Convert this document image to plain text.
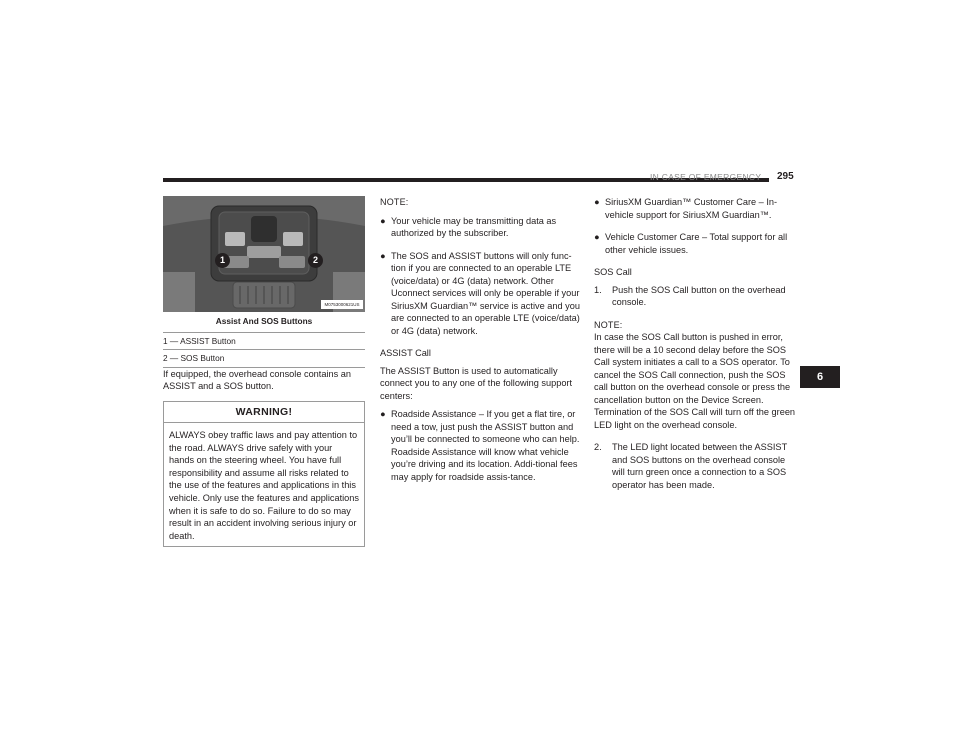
IN CASE OF EMERGENCY 295
6
1	2
M0753000621US
Assist And SOS Buttons
1 — ASSIST Button
2 — SOS Button

If equipped, the overhead console contains an ASSIST and a SOS button.

WARNING!
ALWAYS obey traffic laws and pay attention to the road. ALWAYS drive safely with your hands on the steering wheel. You have full responsibility and assume all risks related to the use of the features and applications in this vehicle. Only use the features and applications when it is safe to do so. Failure to do so may result in an accident involving serious injury or death.
NOTE:
● Your vehicle may be transmitting data as authorized by the subscriber.
● The SOS and ASSIST buttons will only func-tion if you are connected to an operable LTE (voice/data) or 4G (data) network. Other Uconnect services will only be operable if your SiriusXM Guardian™ service is active and you are connected to an operable LTE (voice/data) or 4G (data) network.
ASSIST Call

The ASSIST Button is used to automatically connect you to any one of the following support centers:

● Roadside Assistance – If you get a flat tire, or need a tow, just push the ASSIST button and you’ll be connected to someone who can help. Roadside Assistance will know what vehicle you’re driving and its location. Addi-tional fees may apply for roadside assis-tance.
● SiriusXM Guardian™ Customer Care – In-vehicle support for SiriusXM Guardian™.
● Vehicle Customer Care – Total support for all other vehicle issues.
SOS Call
1. Push the SOS Call button on the overhead console.
NOTE:

In case the SOS Call button is pushed in error, there will be a 10 second delay before the SOS Call system initiates a call to a SOS operator. To cancel the SOS Call connection, push the SOS call button on the overhead console or press the cancellation button on the Device Screen. Termination of the SOS Call will turn off the green LED light on the overhead console.

2. The LED light located between the ASSIST and SOS buttons on the overhead console will turn green once a connection to a SOS operator has been made.
